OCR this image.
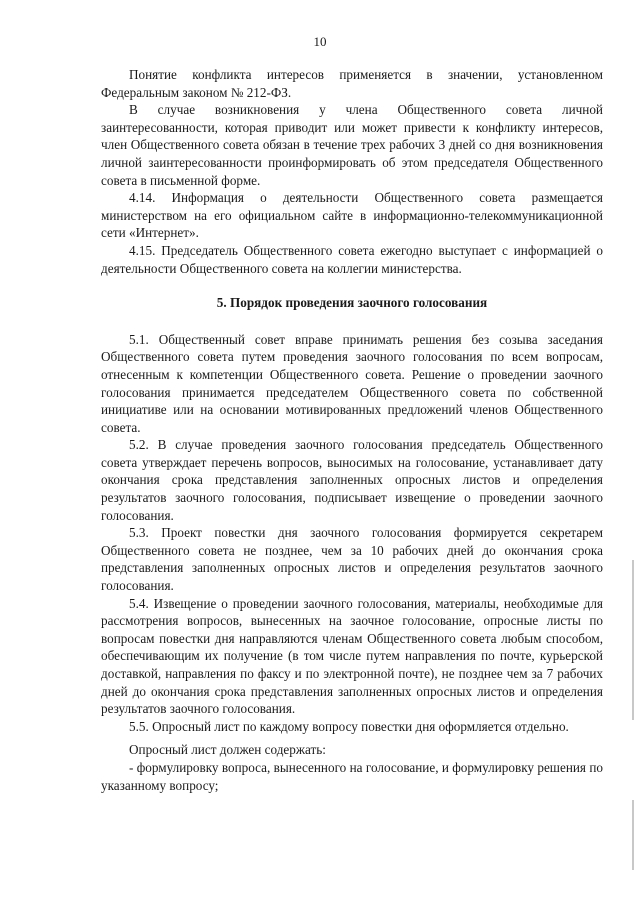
10

Понятие конфликта интересов применяется в значении, установленном Федеральным законом № 212-ФЗ.

В случае возникновения у члена Общественного совета личной заинтересованности, которая приводит или может привести к конфликту интересов, член Общественного совета обязан в течение трех рабочих 3 дней со дня возникновения личной заинтересованности проинформировать об этом председателя Общественного совета в письменной форме.

4.14. Информация о деятельности Общественного совета размещается министерством на его официальном сайте в информационно-телекоммуникационной сети «Интернет».

4.15. Председатель Общественного совета ежегодно выступает с информацией о деятельности Общественного совета на коллегии министерства.

5. Порядок проведения заочного голосования

5.1. Общественный совет вправе принимать решения без созыва заседания Общественного совета путем проведения заочного голосования по всем вопросам, отнесенным к компетенции Общественного совета. Решение о проведении заочного голосования принимается председателем Общественного совета по собственной инициативе или на основании мотивированных предложений членов Общественного совета.

5.2. В случае проведения заочного голосования председатель Общественного совета утверждает перечень вопросов, выносимых на голосование, устанавливает дату окончания срока представления заполненных опросных листов и определения результатов заочного голосования, подписывает извещение о проведении заочного голосования.

5.3. Проект повестки дня заочного голосования формируется секретарем Общественного совета не позднее, чем за 10 рабочих дней до окончания срока представления заполненных опросных листов и определения результатов заочного голосования.

5.4. Извещение о проведении заочного голосования, материалы, необходимые для рассмотрения вопросов, вынесенных на заочное голосование, опросные листы по вопросам повестки дня направляются членам Общественного совета любым способом, обеспечивающим их получение (в том числе путем направления по почте, курьерской доставкой, направления по факсу и по электронной почте), не позднее чем за 7 рабочих дней до окончания срока представления заполненных опросных листов и определения результатов заочного голосования.

5.5. Опросный лист по каждому вопросу повестки дня оформляется отдельно.

Опросный лист должен содержать:

- формулировку вопроса, вынесенного на голосование, и формулировку решения по указанному вопросу;
